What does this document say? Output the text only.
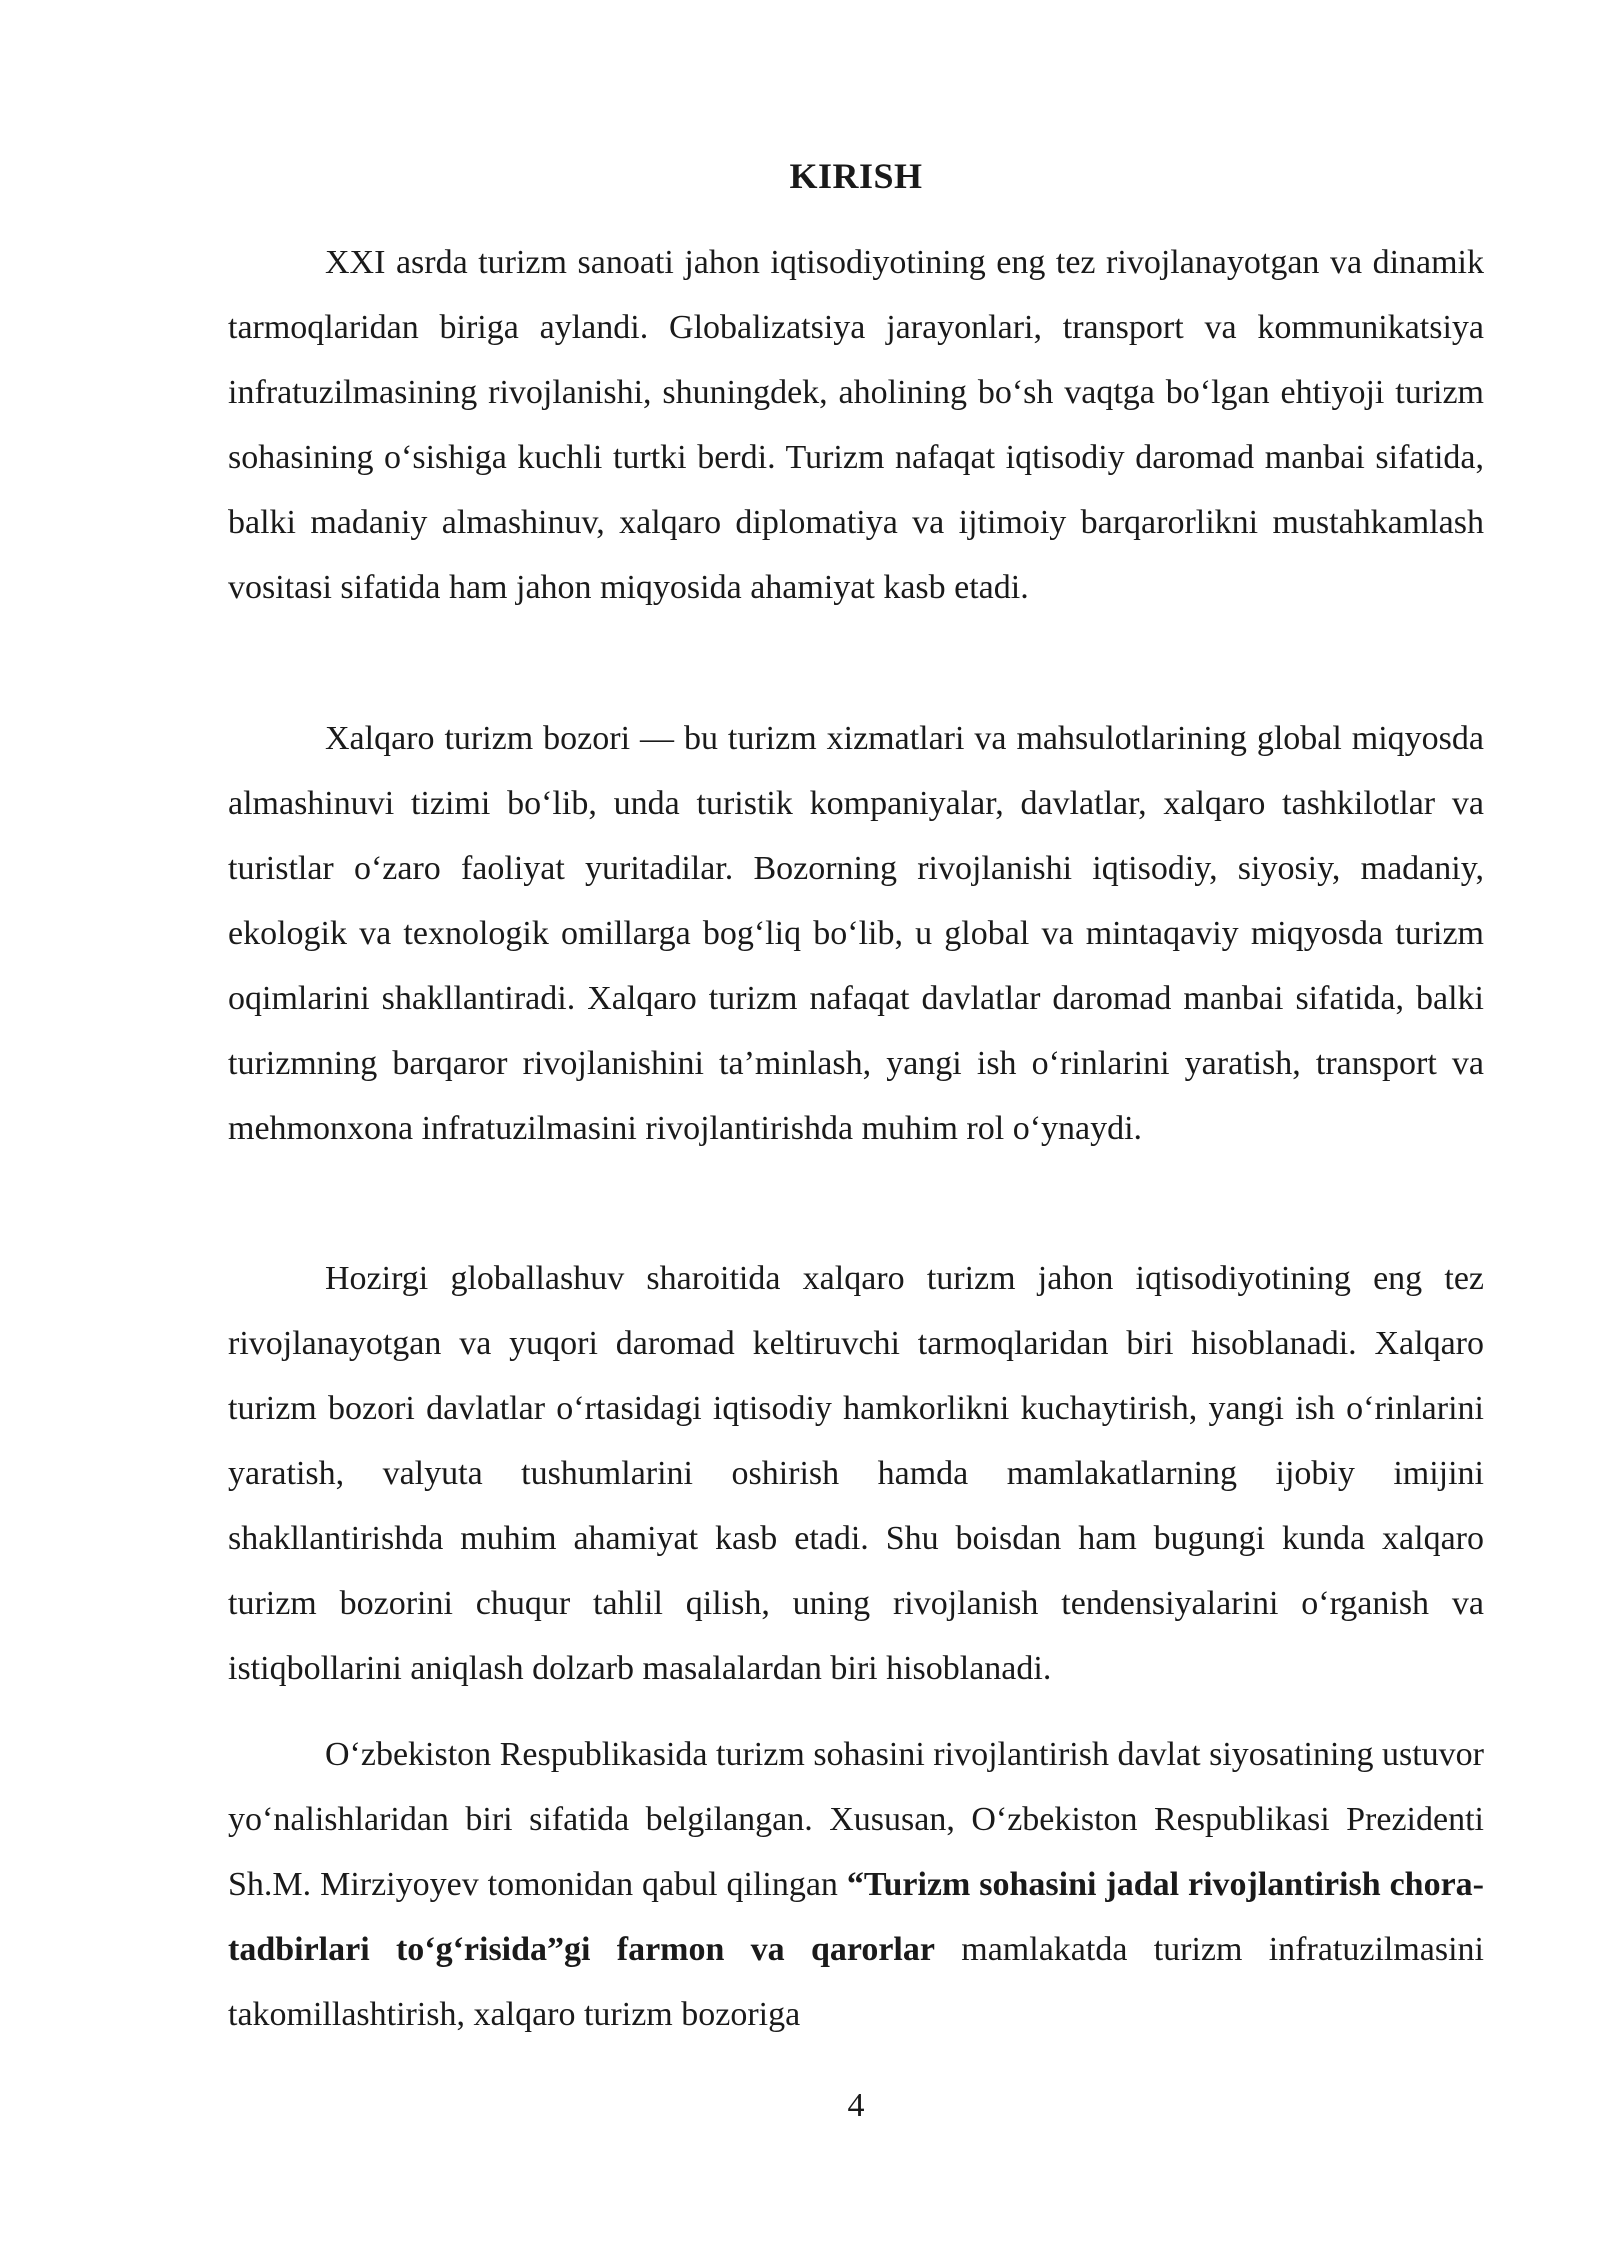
KIRISH

XXI asrda turizm sanoati jahon iqtisodiyotining eng tez rivojlanayotgan va dinamik tarmoqlaridan biriga aylandi. Globalizatsiya jarayonlari, transport va kommunikatsiya infratuzilmasining rivojlanishi, shuningdek, aholining bo‘sh vaqtga bo‘lgan ehtiyoji turizm sohasining o‘sishiga kuchli turtki berdi. Turizm nafaqat iqtisodiy daromad manbai sifatida, balki madaniy almashinuv, xalqaro diplomatiya va ijtimoiy barqarorlikni mustahkamlash vositasi sifatida ham jahon miqyosida ahamiyat kasb etadi.

Xalqaro turizm bozori — bu turizm xizmatlari va mahsulotlarining global miqyosda almashinuvi tizimi bo‘lib, unda turistik kompaniyalar, davlatlar, xalqaro tashkilotlar va turistlar o‘zaro faoliyat yuritadilar. Bozorning rivojlanishi iqtisodiy, siyosiy, madaniy, ekologik va texnologik omillarga bog‘liq bo‘lib, u global va mintaqaviy miqyosda turizm oqimlarini shakllantiradi. Xalqaro turizm nafaqat davlatlar daromad manbai sifatida, balki turizmning barqaror rivojlanishini ta’minlash, yangi ish o‘rinlarini yaratish, transport va mehmonxona infratuzilmasini rivojlantirishda muhim rol o‘ynaydi.

Hozirgi globallashuv sharoitida xalqaro turizm jahon iqtisodiyotining eng tez rivojlanayotgan va yuqori daromad keltiruvchi tarmoqlaridan biri hisoblanadi. Xalqaro turizm bozori davlatlar o‘rtasidagi iqtisodiy hamkorlikni kuchaytirish, yangi ish o‘rinlarini yaratish, valyuta tushumlarini oshirish hamda mamlakatlarning ijobiy imijini shakllantirishda muhim ahamiyat kasb etadi. Shu boisdan ham bugungi kunda xalqaro turizm bozorini chuqur tahlil qilish, uning rivojlanish tendensiyalarini o‘rganish va istiqbollarini aniqlash dolzarb masalalardan biri hisoblanadi.

O‘zbekiston Respublikasida turizm sohasini rivojlantirish davlat siyosatining ustuvor yo‘nalishlaridan biri sifatida belgilangan. Xususan, O‘zbekiston Respublikasi Prezidenti Sh.M. Mirziyoyev tomonidan qabul qilingan “Turizm sohasini jadal rivojlantirish chora-tadbirlari to‘g‘risida”gi farmon va qarorlar mamlakatda turizm infratuzilmasini takomillashtirish, xalqaro turizm bozoriga

4
